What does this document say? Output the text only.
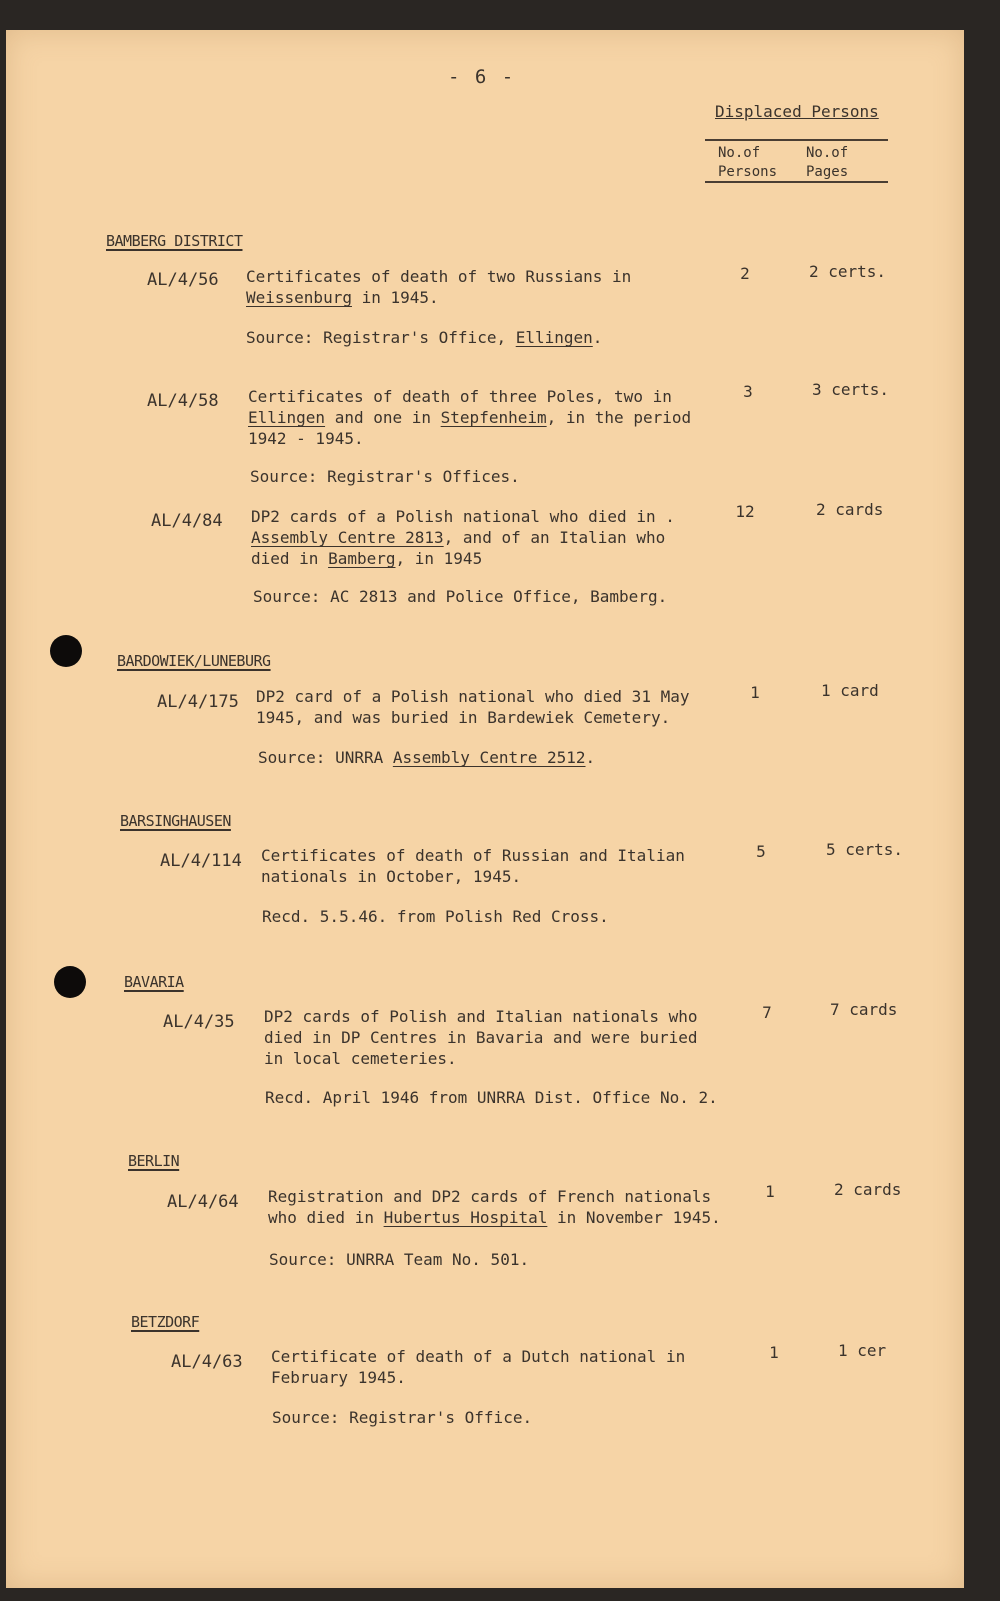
- 6 -
Displaced Persons
No.of
Persons
No.of
Pages
BAMBERG DISTRICT
AL/4/56 Certificates of death of two Russians in Weissenburg in 1945.
Source: Registrar's Office, Ellingen.
2	2 certs.
AL/4/58 Certificates of death of three Poles, two in Ellingen and one in Stepfenheim, in the period 1942 - 1945.
Source: Registrar's Offices.
3	3 certs.
AL/4/84 DP2 cards of a Polish national who died in . Assembly Centre 2813, and of an Italian who died in Bamberg, in 1945
Source: AC 2813 and Police Office, Bamberg.
12	2 cards
BARDOWIEK/LUNEBURG
AL/4/175 DP2 card of a Polish national who died 31 May 1945, and was buried in Bardewiek Cemetery.
Source: UNRRA Assembly Centre 2512.
1	1 card
BARSINGHAUSEN
AL/4/114 Certificates of death of Russian and Italian nationals in October, 1945.
Recd. 5.5.46. from Polish Red Cross.
5	5 certs.
BAVARIA
AL/4/35 DP2 cards of Polish and Italian nationals who died in DP Centres in Bavaria and were buried in local cemeteries.
Recd. April 1946 from UNRRA Dist. Office No. 2.
7	7 cards
BERLIN
AL/4/64 Registration and DP2 cards of French nationals who died in Hubertus Hospital in November 1945.
Source: UNRRA Team No. 501.
1	2 cards
BETZDORF
AL/4/63 Certificate of death of a Dutch national in February 1945.
Source: Registrar's Office.
1	1 cer
